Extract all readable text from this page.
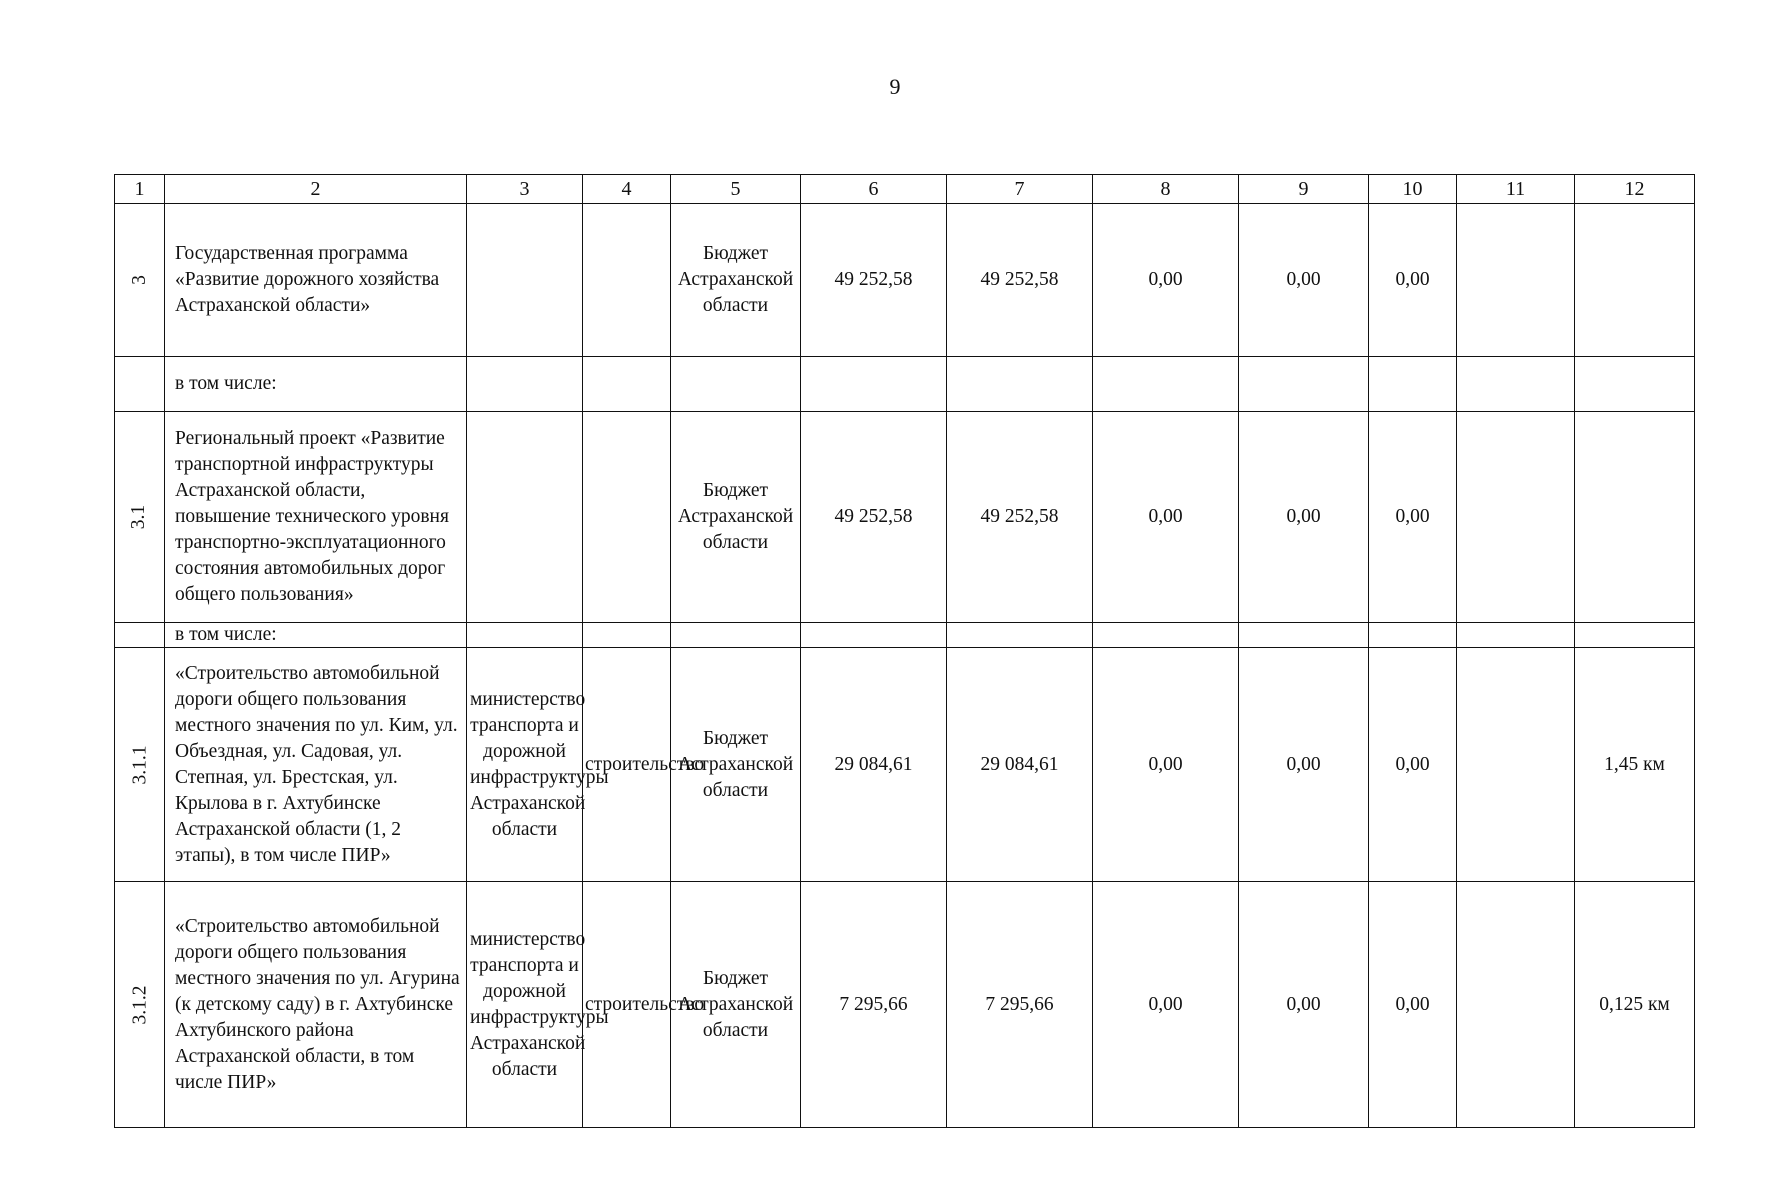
9
1	2	3	4	5	6	7	8	9	10	11	12
3	Государственная программа «Развитие дорожного хозяйства Астраханской области»			Бюджет Астраханской области	49 252,58	49 252,58	0,00	0,00	0,00		
	в том числе:										
3.1	Региональный проект «Развитие транспортной инфраструктуры Астраханской области, повышение технического уровня транспортно-эксплуатационного состояния автомобильных дорог общего пользования»			Бюджет Астраханской области	49 252,58	49 252,58	0,00	0,00	0,00		
	в том числе:										
3.1.1	«Строительство автомобильной дороги общего пользования местного значения по ул. Ким, ул. Объездная, ул. Садовая, ул. Степная, ул. Брестская, ул. Крылова в г. Ахтубинске Астраханской области (1, 2 этапы), в том числе ПИР»	министерство транспорта и дорожной инфраструктуры Астраханской области	строительство	Бюджет Астраханской области	29 084,61	29 084,61	0,00	0,00	0,00		1,45 км
3.1.2	«Строительство автомобильной дороги общего пользования местного значения по ул. Агурина (к детскому саду) в г. Ахтубинске Ахтубинского района Астраханской области, в том числе ПИР»	министерство транспорта и дорожной инфраструктуры Астраханской области	строительство	Бюджет Астраханской области	7 295,66	7 295,66	0,00	0,00	0,00		0,125 км
